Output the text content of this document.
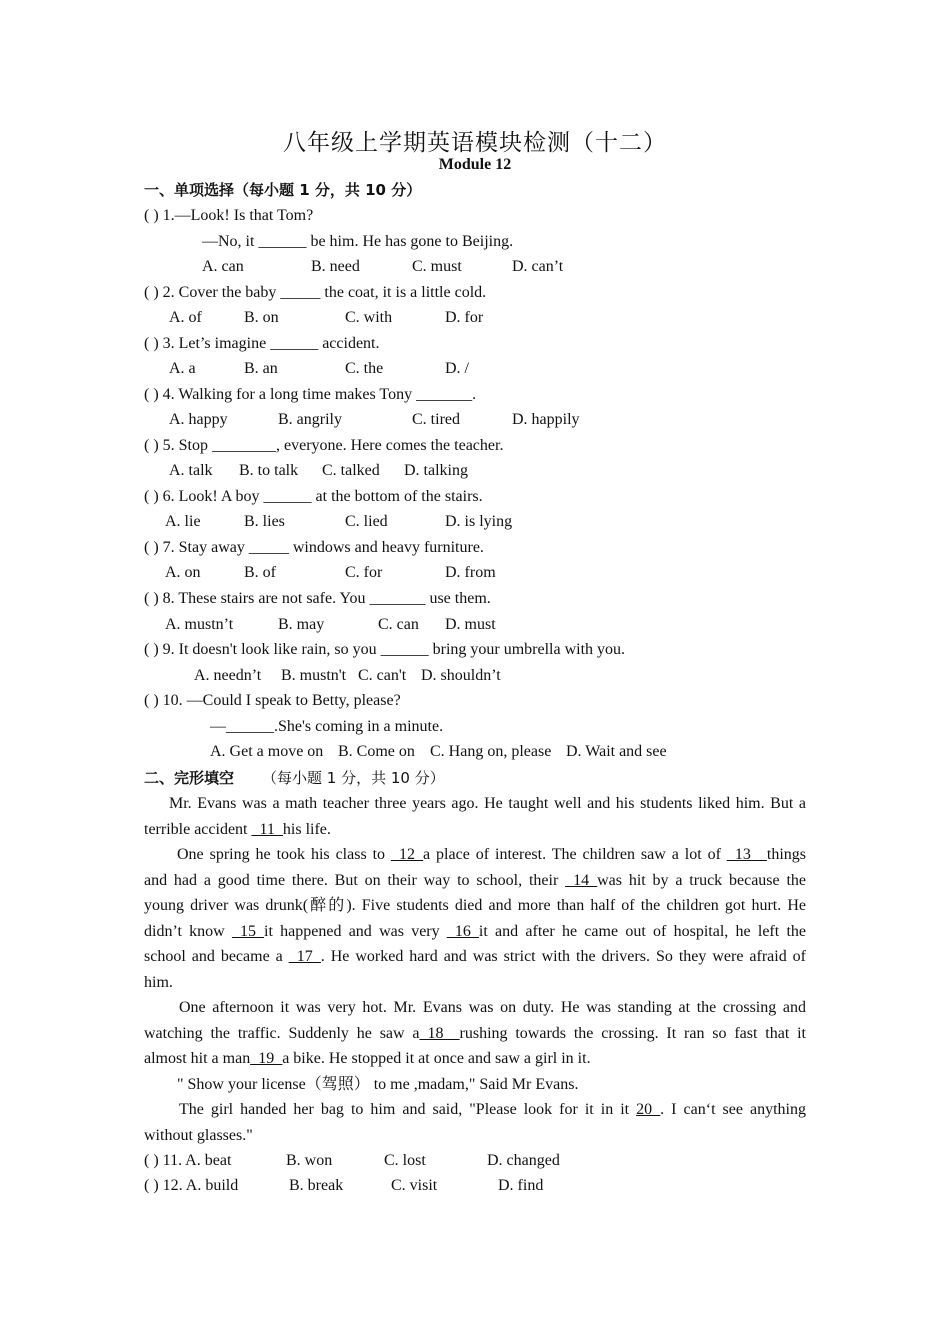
八年级上学期英语模块检测（十二）
Module 12
一、单项选择（每小题 1 分，共 10 分）
( ) 1.—Look! Is that Tom?
—No, it ______ be him. He has gone to Beijing.
A. can	B. need	C. must	D. can’t
( ) 2. Cover the baby _____ the coat, it is a little cold.
A. of	B. on	C. with	D. for
( ) 3. Let’s imagine ______ accident.
A. a	B. an	C. the	D. /
( ) 4. Walking for a long time makes Tony _______.
A. happy	B. angrily	C. tired	D. happily
( ) 5. Stop ________, everyone. Here comes the teacher.
A. talk B. to talk C. talked D. talking
( ) 6. Look! A boy ______ at the bottom of the stairs.
A. lie	B. lies	C. lied	D. is lying
( ) 7. Stay away _____ windows and heavy furniture.
A. on	B. of	C. for	D. from
( ) 8. These stairs are not safe. You _______ use them.
A. mustn’t	B. may	C. can D. must
( ) 9. It doesn't look like rain, so you ______ bring your umbrella with you.
A. needn’t B. mustn't C. can't D. shouldn’t
( ) 10. —Could I speak to Betty, please?
—______.She's coming in a minute.
A. Get a move on B. Come on C. Hang on, please D. Wait and see
二、完形填空 （每小题 1 分，共 10 分）
Mr. Evans was a math teacher three years ago. He taught well and his students liked him. But a
terrible accident _11_his life.
One spring he took his class to _12_a place of interest. The children saw a lot of _13__things
and had a good time there. But on their way to school, their _14_was hit by a truck because the
young driver was drunk(醉的). Five students died and more than half of the children got hurt. He
didn’t know _15_it happened and was very _16_it and after he came out of hospital, he left the
school and became a _17_. He worked hard and was strict with the drivers. So they were afraid of
him.
One afternoon it was very hot. Mr. Evans was on duty. He was standing at the crossing and
watching the traffic. Suddenly he saw a_18__rushing towards the crossing. It ran so fast that it
almost hit a man_19_a bike. He stopped it at once and saw a girl in it.
" Show your license（驾照） to me ,madam," Said Mr Evans.
The girl handed her bag to him and said, "Please look for it in it 20_. I can‘t see anything
without glasses."
( ) 11. A. beat	B. won	C. lost	D. changed
( ) 12. A. build	B. break	C. visit	D. find
